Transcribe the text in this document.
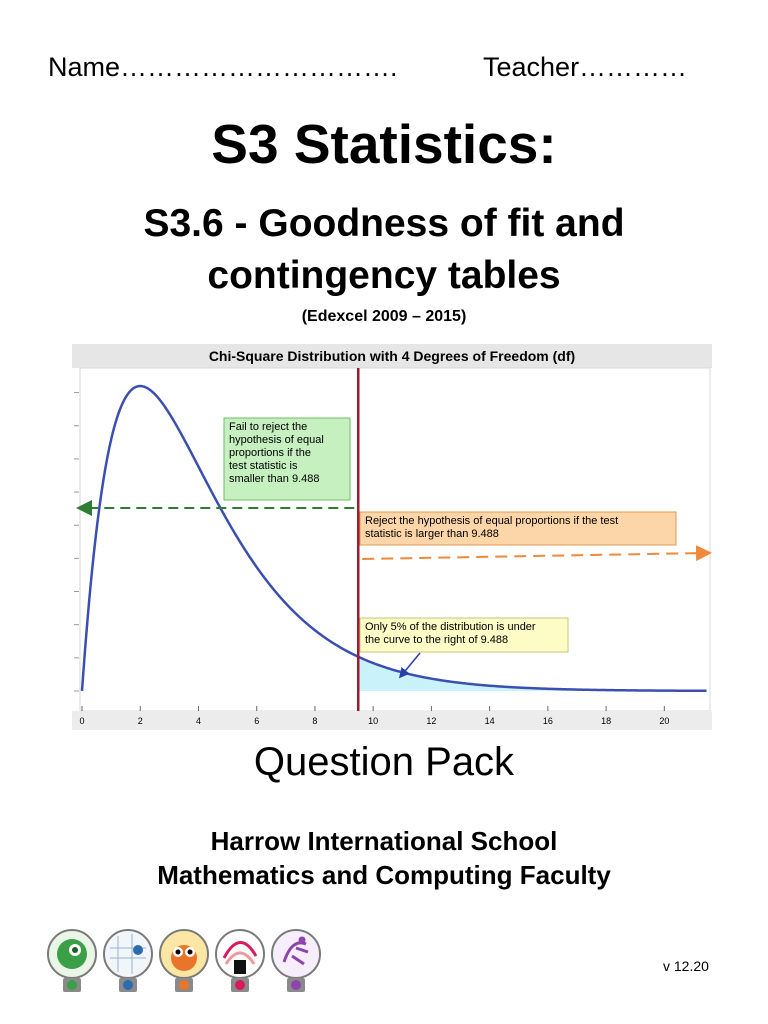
Name………………………….	Teacher…………
S3 Statistics:
S3.6 - Goodness of fit and
contingency tables
(Edexcel 2009 – 2015)
Chi-Square Distribution with 4 Degrees of Freedom (df)
0	2	4	6	8	10	12	14	16	18	20
Fail to reject the hypothesis of equal proportions if the test statistic is smaller than 9.488
Reject the hypothesis of equal proportions if the test statistic is larger than 9.488
Only 5% of the distribution is under the curve to the right of 9.488
Question Pack
Harrow International School
Mathematics and Computing Faculty
v 12.20
